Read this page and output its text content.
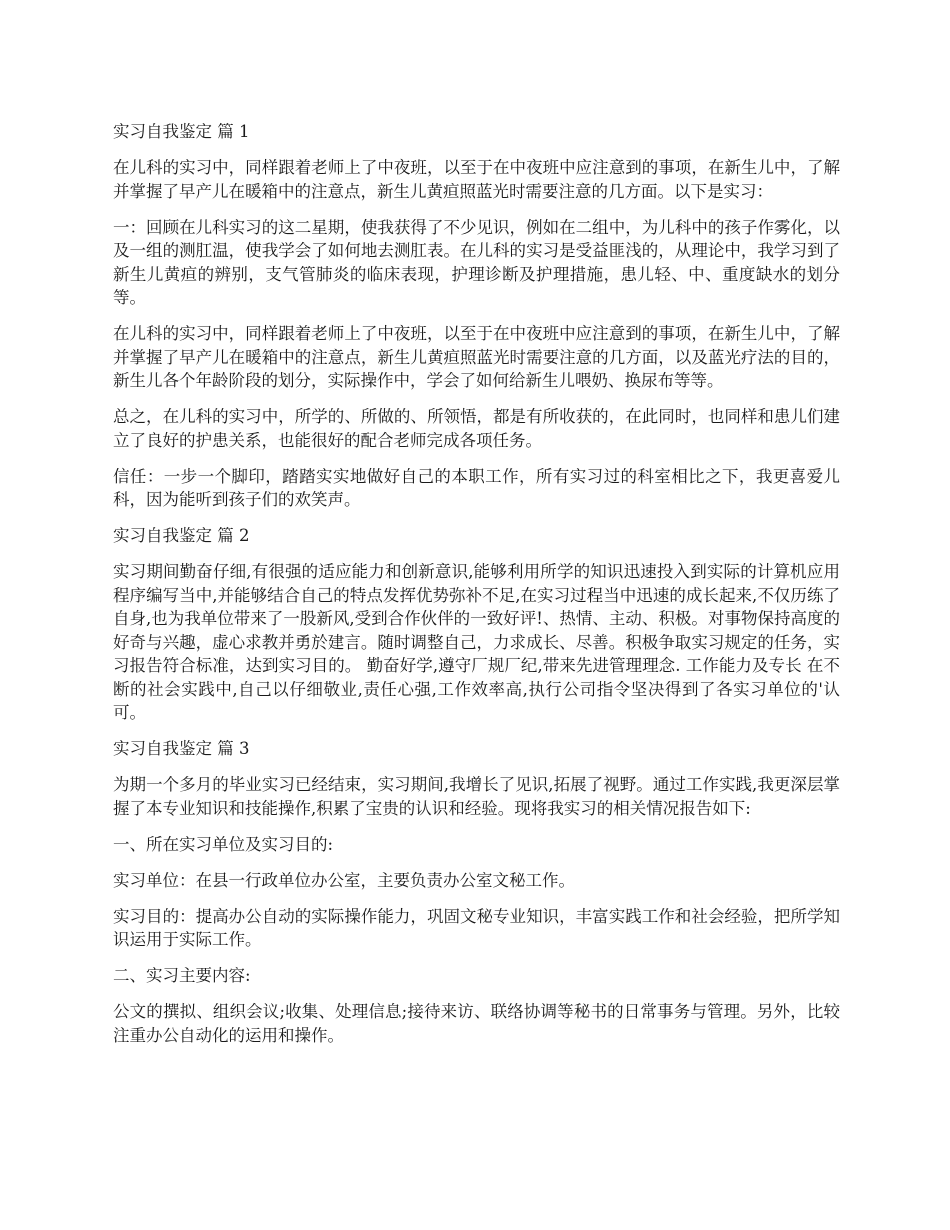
实习自我鉴定 篇 1

在儿科的实习中，同样跟着老师上了中夜班，以至于在中夜班中应注意到的事项，在新生儿中，了解并掌握了早产儿在暖箱中的注意点，新生儿黄疸照蓝光时需要注意的几方面。以下是实习：

一：回顾在儿科实习的这二星期，使我获得了不少见识，例如在二组中，为儿科中的孩子作雾化，以及一组的测肛温，使我学会了如何地去测肛表。在儿科的实习是受益匪浅的，从理论中，我学习到了新生儿黄疸的辨别，支气管肺炎的临床表现，护理诊断及护理措施，患儿轻、中、重度缺水的划分等。

在儿科的实习中，同样跟着老师上了中夜班，以至于在中夜班中应注意到的事项，在新生儿中，了解并掌握了早产儿在暖箱中的注意点，新生儿黄疸照蓝光时需要注意的几方面，以及蓝光疗法的目的，新生儿各个年龄阶段的划分，实际操作中，学会了如何给新生儿喂奶、换尿布等等。

总之，在儿科的实习中，所学的、所做的、所领悟，都是有所收获的，在此同时，也同样和患儿们建立了良好的护患关系，也能很好的配合老师完成各项任务。

信任：一步一个脚印，踏踏实实地做好自己的本职工作，所有实习过的科室相比之下，我更喜爱儿科，因为能听到孩子们的欢笑声。

实习自我鉴定 篇 2

实习期间勤奋仔细,有很强的适应能力和创新意识,能够利用所学的知识迅速投入到实际的计算机应用程序编写当中,并能够结合自己的特点发挥优势弥补不足,在实习过程当中迅速的成长起来,不仅历练了自身,也为我单位带来了一股新风,受到合作伙伴的一致好评!、热情、主动、积极。对事物保持高度的好奇与兴趣，虚心求教并勇於建言。随时调整自己，力求成长、尽善。积极争取实习规定的任务，实习报告符合标准，达到实习目的。 勤奋好学,遵守厂规厂纪,带来先进管理理念. 工作能力及专长 在不断的社会实践中,自己以仔细敬业,责任心强,工作效率高,执行公司指令坚决得到了各实习单位的'认可。

实习自我鉴定 篇 3

为期一个多月的毕业实习已经结束，实习期间,我增长了见识,拓展了视野。通过工作实践,我更深层掌握了本专业知识和技能操作,积累了宝贵的认识和经验。现将我实习的相关情况报告如下:

一、所在实习单位及实习目的:

实习单位：在县一行政单位办公室，主要负责办公室文秘工作。

实习目的：提高办公自动的实际操作能力，巩固文秘专业知识，丰富实践工作和社会经验，把所学知识运用于实际工作。

二、实习主要内容:

公文的撰拟、组织会议;收集、处理信息;接待来访、联络协调等秘书的日常事务与管理。另外，比较注重办公自动化的运用和操作。
